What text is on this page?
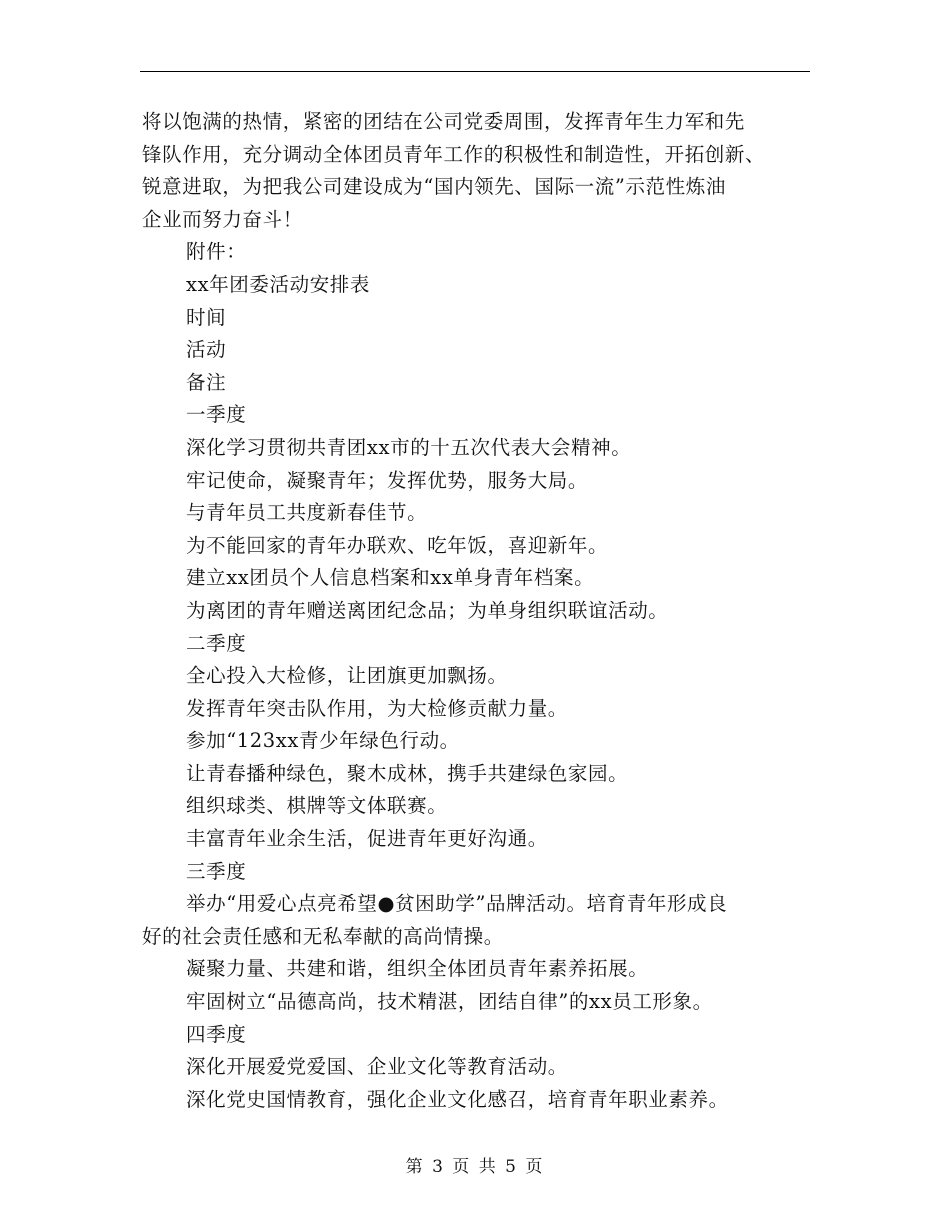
将以饱满的热情，紧密的团结在公司党委周围，发挥青年生力军和先
锋队作用，充分调动全体团员青年工作的积极性和制造性，开拓创新、
锐意进取，为把我公司建设成为“国内领先、国际一流”示范性炼油
企业而努力奋斗！
附件：
xx年团委活动安排表
时间
活动
备注
一季度
深化学习贯彻共青团xx市的十五次代表大会精神。
牢记使命，凝聚青年；发挥优势，服务大局。
与青年员工共度新春佳节。
为不能回家的青年办联欢、吃年饭，喜迎新年。
建立xx团员个人信息档案和xx单身青年档案。
为离团的青年赠送离团纪念品；为单身组织联谊活动。
二季度
全心投入大检修，让团旗更加飘扬。
发挥青年突击队作用，为大检修贡献力量。
参加“123xx青少年绿色行动。
让青春播种绿色，聚木成林，携手共建绿色家园。
组织球类、棋牌等文体联赛。
丰富青年业余生活，促进青年更好沟通。
三季度
举办“用爱心点亮希望●贫困助学”品牌活动。培育青年形成良
好的社会责任感和无私奉献的高尚情操。
凝聚力量、共建和谐，组织全体团员青年素养拓展。
牢固树立“品德高尚，技术精湛，团结自律”的xx员工形象。
四季度
深化开展爱党爱国、企业文化等教育活动。
深化党史国情教育，强化企业文化感召，培育青年职业素养。
第 3 页 共 5 页
